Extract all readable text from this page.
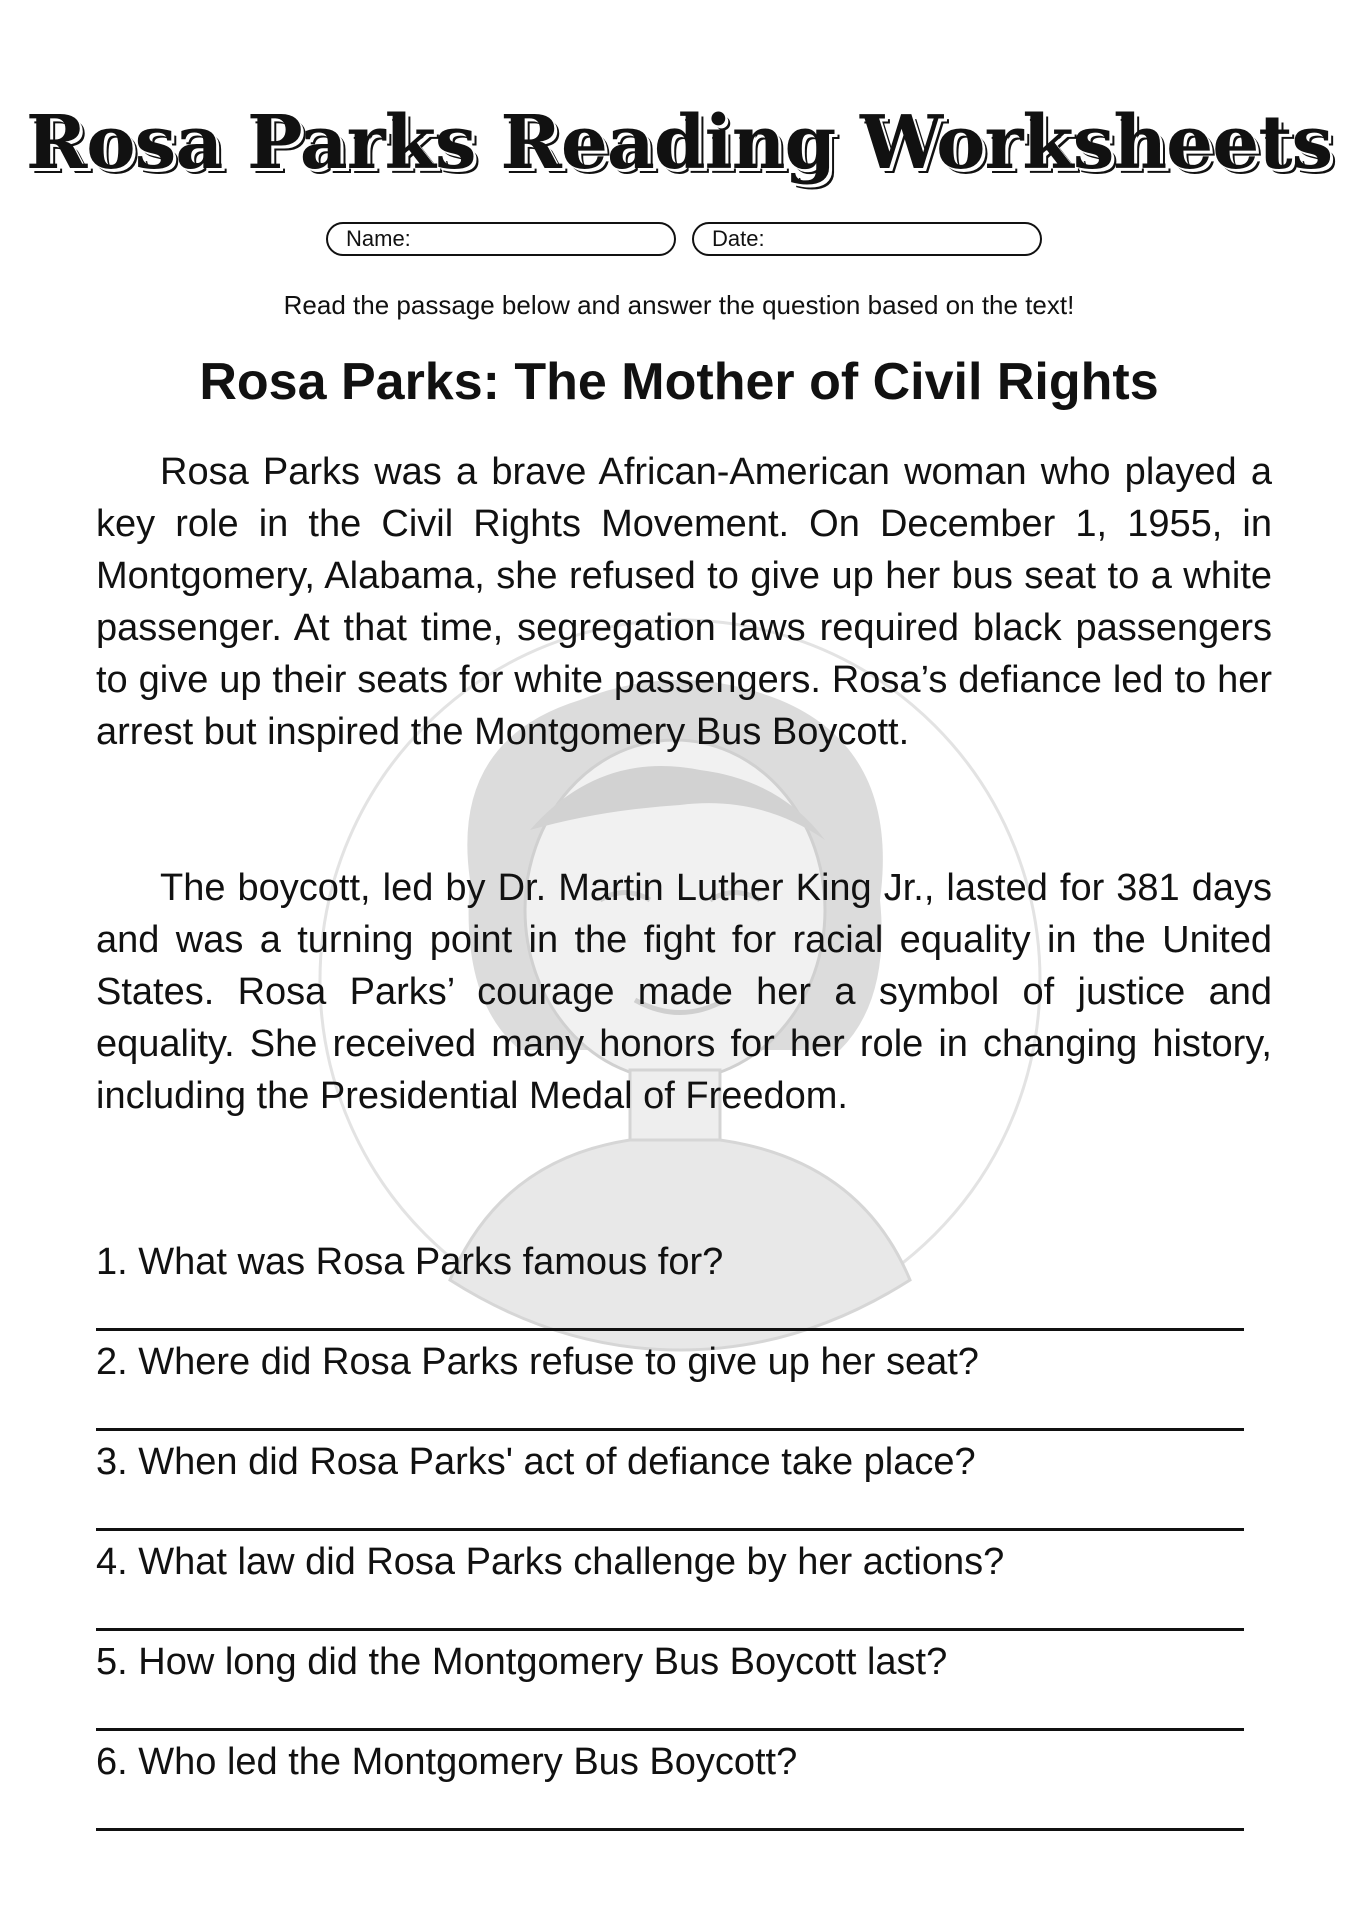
Rosa Parks Reading Worksheets
Name:	Date:
Read the passage below and answer the question based on the text!
Rosa Parks: The Mother of Civil Rights

Rosa Parks was a brave African-American woman who played a key role in the Civil Rights Movement. On December 1, 1955, in Montgomery, Alabama, she refused to give up her bus seat to a white passenger. At that time, segregation laws required black passengers to give up their seats for white passengers. Rosa’s defiance led to her arrest but inspired the Montgomery Bus Boycott.

The boycott, led by Dr. Martin Luther King Jr., lasted for 381 days and was a turning point in the fight for racial equality in the United States. Rosa Parks’ courage made her a symbol of justice and equality. She received many honors for her role in changing history, including the Presidential Medal of Freedom.

1. What was Rosa Parks famous for?
2. Where did Rosa Parks refuse to give up her seat?
3. When did Rosa Parks' act of defiance take place?
4. What law did Rosa Parks challenge by her actions?
5. How long did the Montgomery Bus Boycott last?
6. Who led the Montgomery Bus Boycott?
